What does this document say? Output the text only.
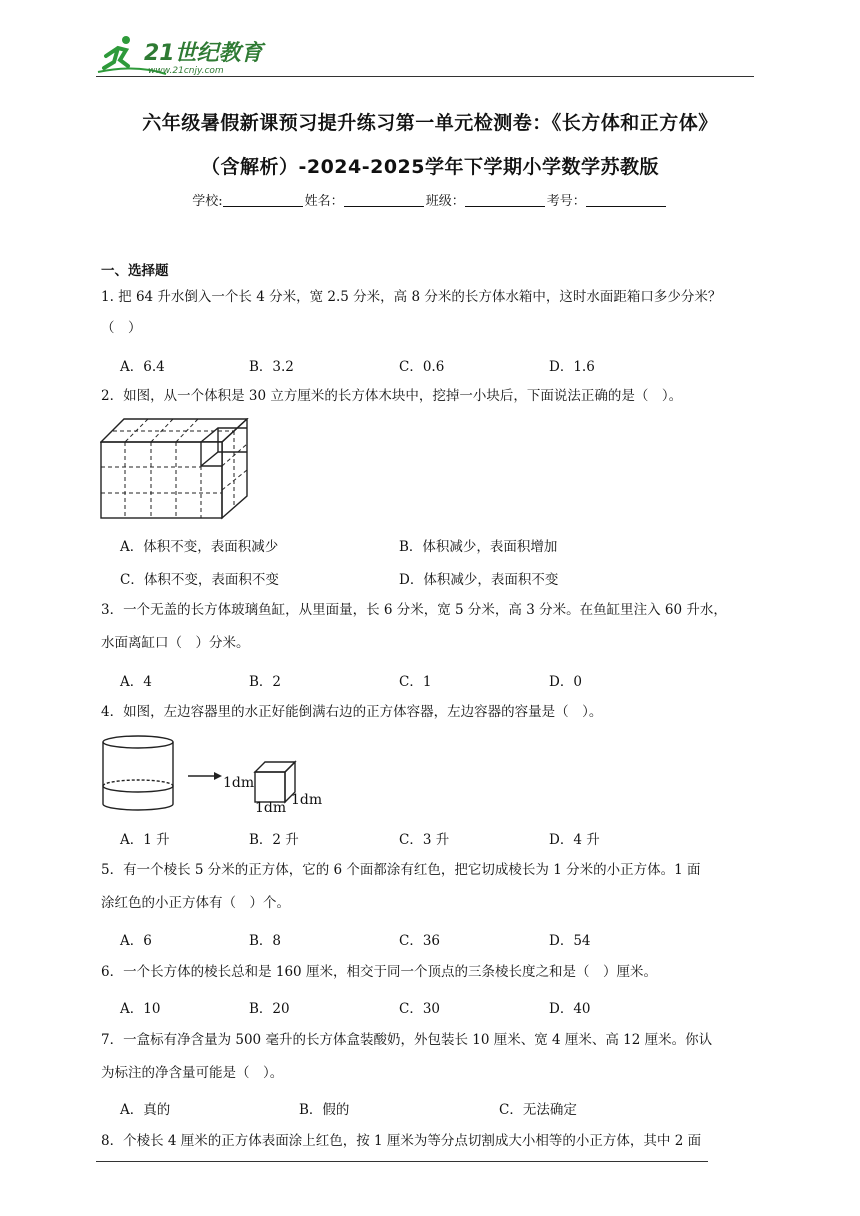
21世纪教育
www.21cnjy.com
六年级暑假新课预习提升练习第一单元检测卷：《长方体和正方体》
（含解析）-2024-2025学年下学期小学数学苏教版
学校:	姓名：	班级：	考号：
一、选择题
1. 把 64 升水倒入一个长 4 分米，宽 2.5 分米，高 8 分米的长方体水箱中，这时水面距箱口多少分米？
（　）
A．6.4	B．3.2	C．0.6	D．1.6
2．如图，从一个体积是 30 立方厘米的长方体木块中，挖掉一小块后，下面说法正确的是（　）。
A．体积不变，表面积减少	B．体积减少，表面积增加
C．体积不变，表面积不变	D．体积减少，表面积不变
3．一个无盖的长方体玻璃鱼缸，从里面量，长 6 分米，宽 5 分米，高 3 分米。在鱼缸里注入 60 升水，
水面离缸口（　）分米。
A．4	B．2	C．1	D．0
4．如图，左边容器里的水正好能倒满右边的正方体容器，左边容器的容量是（　）。
1dm
1dm 1dm
A．1 升	B．2 升	C．3 升	D．4 升
5．有一个棱长 5 分米的正方体，它的 6 个面都涂有红色，把它切成棱长为 1 分米的小正方体。1 面
涂红色的小正方体有（　）个。
A．6	B．8	C．36	D．54
6．一个长方体的棱长总和是 160 厘米，相交于同一个顶点的三条棱长度之和是（　）厘米。
A．10	B．20	C．30	D．40
7．一盒标有净含量为 500 毫升的长方体盒装酸奶，外包装长 10 厘米、宽 4 厘米、高 12 厘米。你认
为标注的净含量可能是（　）。
A．真的	B．假的	C．无法确定
8．个棱长 4 厘米的正方体表面涂上红色，按 1 厘米为等分点切割成大小相等的小正方体，其中 2 面
